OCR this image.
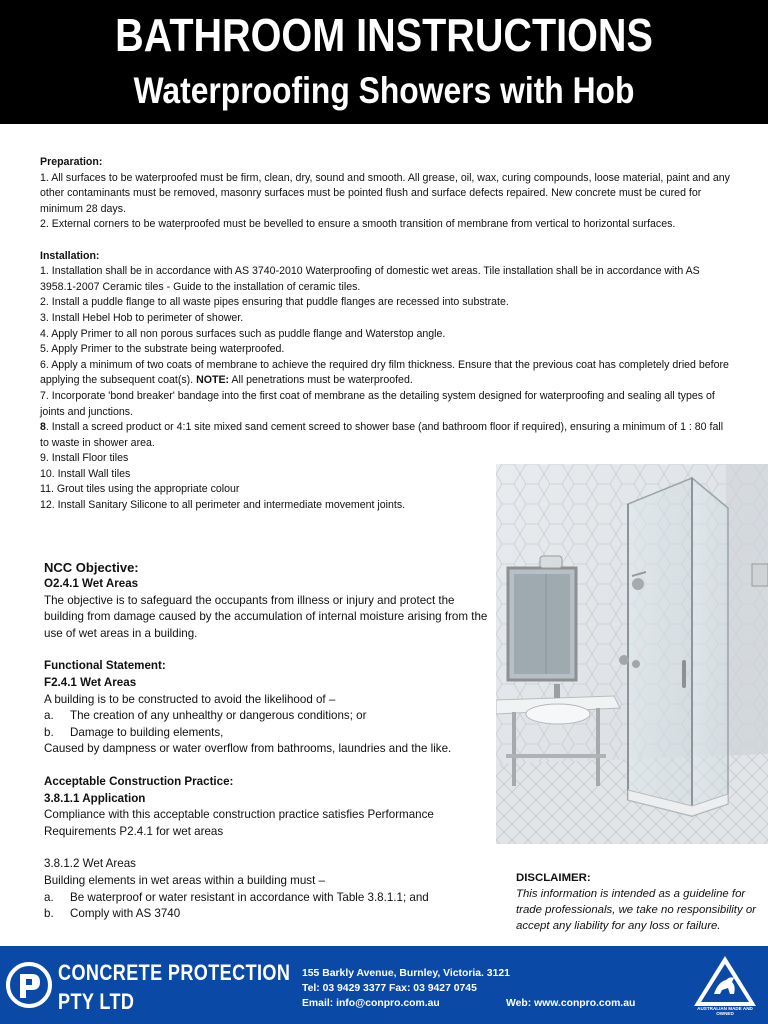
BATHROOM INSTRUCTIONS
Waterproofing Showers with Hob
Preparation:
1. All surfaces to be waterproofed must be firm, clean, dry, sound and smooth. All grease, oil, wax, curing compounds, loose material, paint and any other contaminants must be removed, masonry surfaces must be pointed flush and surface defects repaired. New concrete must be cured for minimum 28 days.
2. External corners to be waterproofed must be bevelled to ensure a smooth transition of membrane from vertical to horizontal surfaces.
Installation:
1. Installation shall be in accordance with AS 3740-2010 Waterproofing of domestic wet areas. Tile installation shall be in accordance with AS 3958.1-2007 Ceramic tiles - Guide to the installation of ceramic tiles.
2. Install a puddle flange to all waste pipes ensuring that puddle flanges are recessed into substrate.
3. Install Hebel Hob to perimeter of shower.
4. Apply Primer to all non porous surfaces such as puddle flange and Waterstop angle.
5. Apply Primer to the substrate being waterproofed.
6. Apply a minimum of two coats of membrane to achieve the required dry film thickness. Ensure that the previous coat has completely dried before applying the subsequent coat(s). NOTE: All penetrations must be waterproofed.
7. Incorporate 'bond breaker' bandage into the first coat of membrane as the detailing system designed for waterproofing and sealing all types of joints and junctions.
8. Install a screed product or 4:1 site mixed sand cement screed to shower base (and bathroom floor if required), ensuring a minimum of 1 : 80 fall to waste in shower area.
9. Install Floor tiles
10. Install Wall tiles
11. Grout tiles using the appropriate colour
12. Install Sanitary Silicone to all perimeter and intermediate movement joints.
NCC Objective:
O2.4.1 Wet Areas
The objective is to safeguard the occupants from illness or injury and protect the building from damage caused by the accumulation of internal moisture arising from the use of wet areas in a building.
Functional Statement:
F2.4.1 Wet Areas
A building is to be constructed to avoid the likelihood of –
a.	The creation of any unhealthy or dangerous conditions; or
b.	Damage to building elements,
Caused by dampness or water overflow from bathrooms, laundries and the like.
Acceptable Construction Practice:
3.8.1.1 Application
Compliance with this acceptable construction practice satisfies Performance Requirements P2.4.1 for wet areas
3.8.1.2 Wet Areas
Building elements in wet areas within a building must –
a.	Be waterproof or water resistant in accordance with Table 3.8.1.1; and
b.	Comply with AS 3740
DISCLAIMER:
This information is intended as a guideline for trade professionals, we take no responsibility or accept any liability for any loss or failure.
CONCRETE PROTECTION
PTY LTD
155 Barkly Avenue, Burnley, Victoria. 3121
Tel: 03 9429 3377 Fax: 03 9427 0745
Email: info@conpro.com.au	Web: www.conpro.com.au	AUSTRALIAN MADE AND OWNED
